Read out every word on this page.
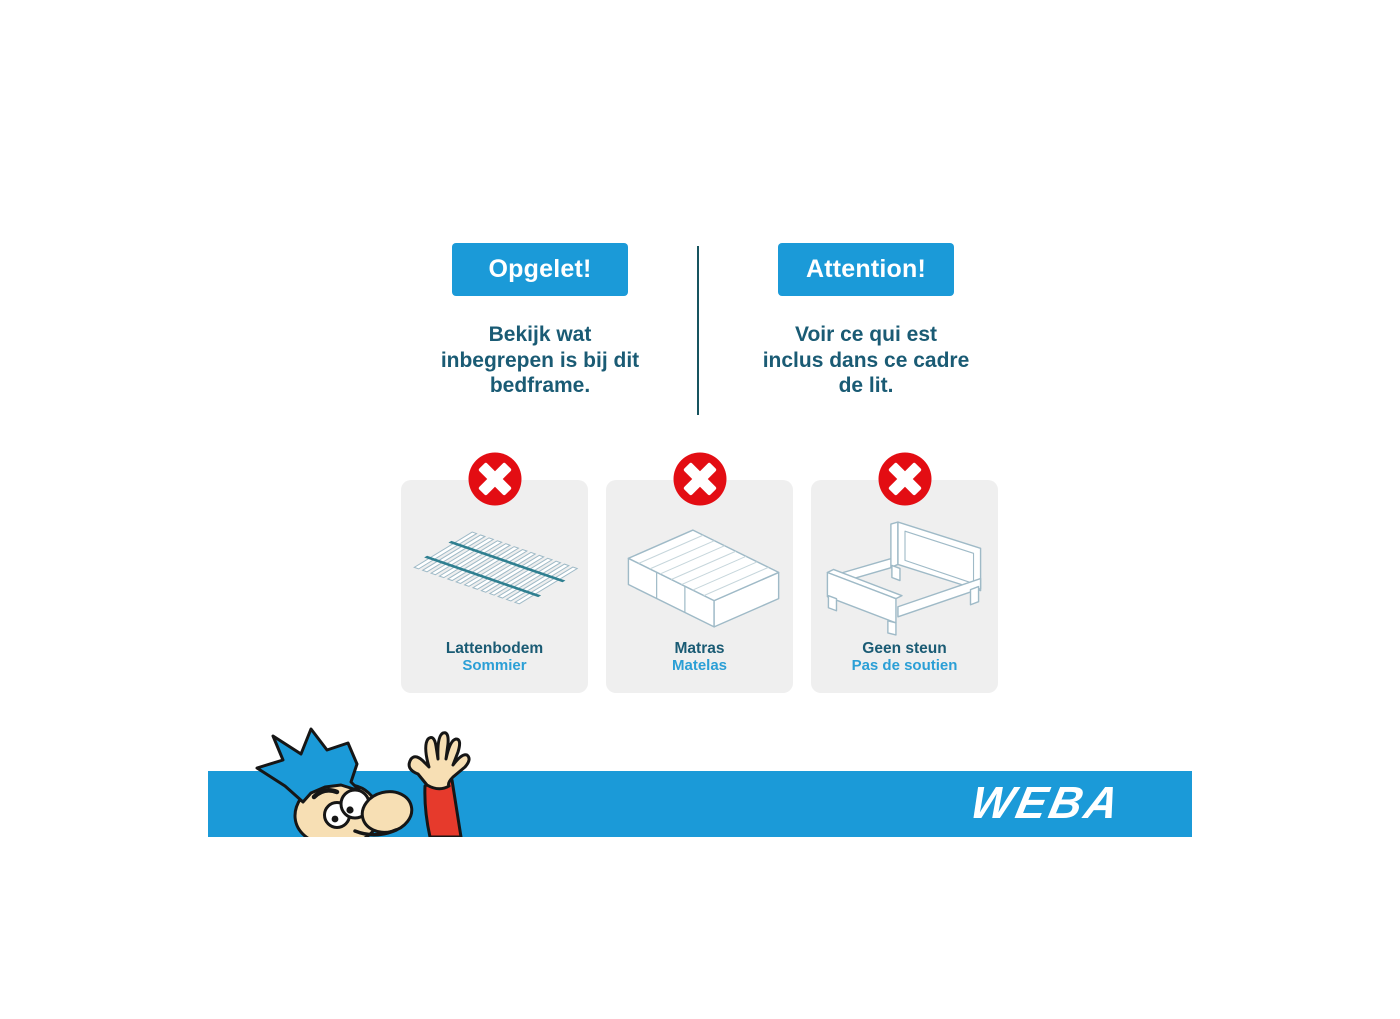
Opgelet!	Attention!
Bekijk wat
inbegrepen is bij dit
bedframe.
Voir ce qui est
inclus dans ce cadre
de lit.
Lattenbodem
Sommier
Matras
Matelas
Geen steun
Pas de soutien
WEBA
